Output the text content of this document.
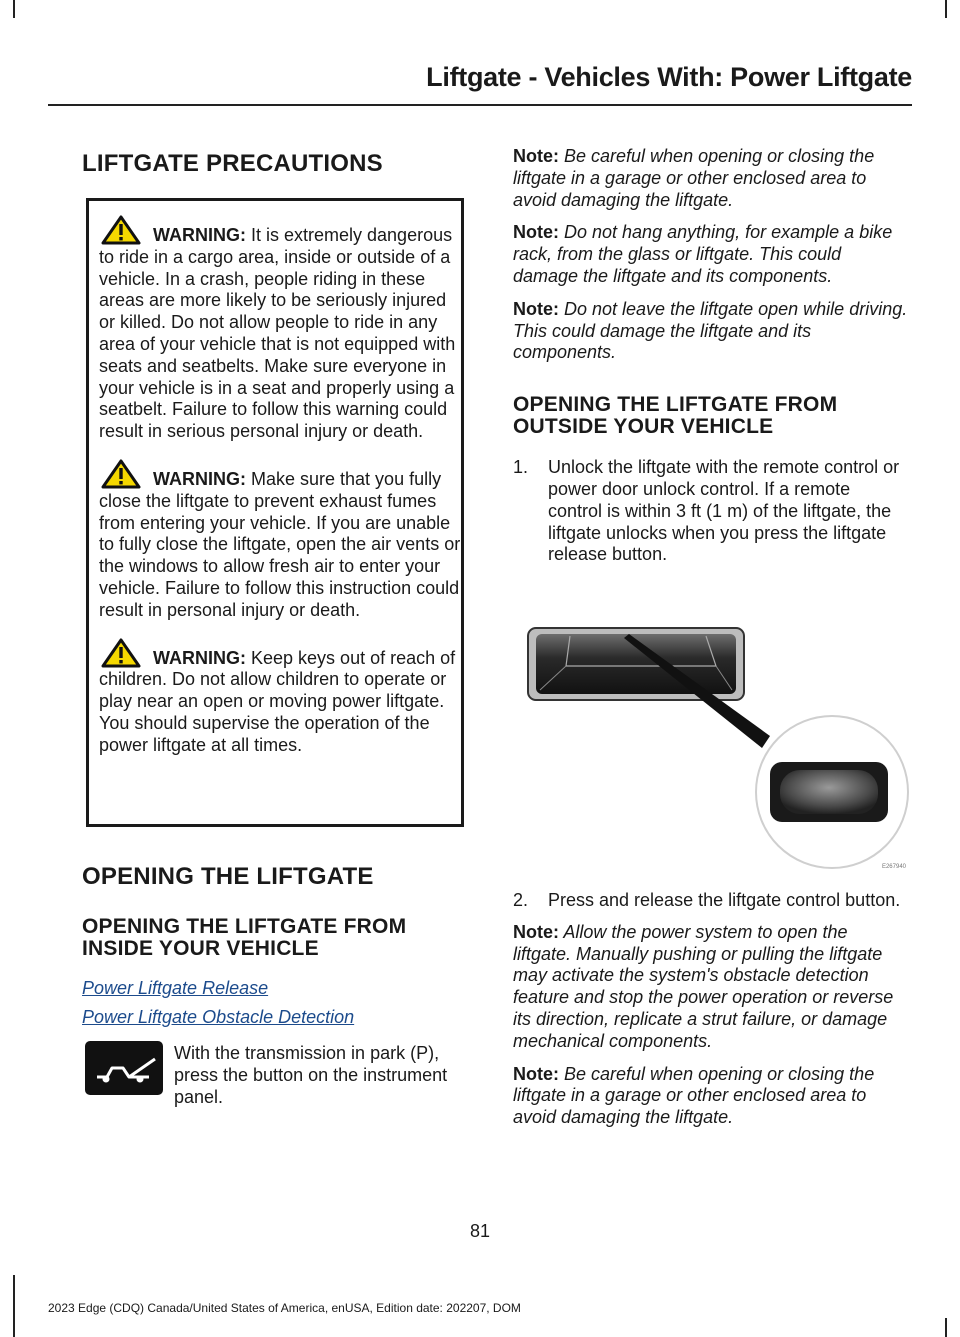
Liftgate - Vehicles With: Power Liftgate
LIFTGATE PRECAUTIONS

WARNING: It is extremely dangerous to ride in a cargo area, inside or outside of a vehicle. In a crash, people riding in these areas are more likely to be seriously injured or killed. Do not allow people to ride in any area of your vehicle that is not equipped with seats and seatbelts. Make sure everyone in your vehicle is in a seat and properly using a seatbelt. Failure to follow this warning could result in serious personal injury or death.

WARNING: Make sure that you fully close the liftgate to prevent exhaust fumes from entering your vehicle. If you are unable to fully close the liftgate, open the air vents or the windows to allow fresh air to enter your vehicle. Failure to follow this instruction could result in personal injury or death.

WARNING: Keep keys out of reach of children. Do not allow children to operate or play near an open or moving power liftgate. You should supervise the operation of the power liftgate at all times.

OPENING THE LIFTGATE
OPENING THE LIFTGATE FROM
INSIDE YOUR VEHICLE
Power Liftgate Release
Power Liftgate Obstacle Detection

With the transmission in park (P), press the button on the instrument panel.

Note: Be careful when opening or closing the liftgate in a garage or other enclosed area to avoid damaging the liftgate.

Note: Do not hang anything, for example a bike rack, from the glass or liftgate. This could damage the liftgate and its components.

Note: Do not leave the liftgate open while driving. This could damage the liftgate and its components.

OPENING THE LIFTGATE FROM
OUTSIDE YOUR VEHICLE
1. Unlock the liftgate with the remote control or power door unlock control. If a remote control is within 3 ft (1 m) of the liftgate, the liftgate unlocks when you press the liftgate release button.
E267940
2. Press and release the liftgate control button.

Note: Allow the power system to open the liftgate. Manually pushing or pulling the liftgate may activate the system's obstacle detection feature and stop the power operation or reverse its direction, replicate a strut failure, or damage mechanical components.

Note: Be careful when opening or closing the liftgate in a garage or other enclosed area to avoid damaging the liftgate.

81
2023 Edge (CDQ) Canada/United States of America, enUSA, Edition date: 202207, DOM
